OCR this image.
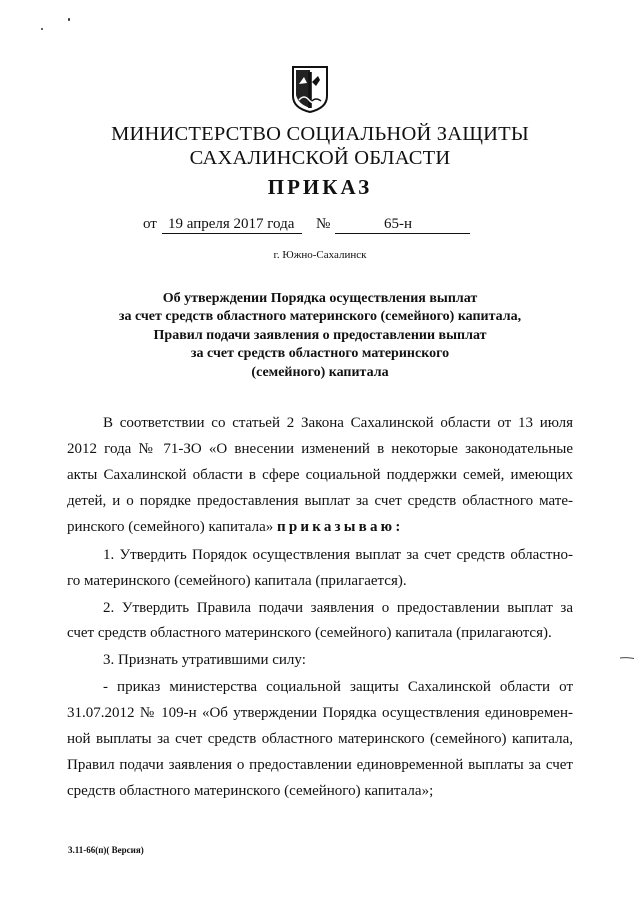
МИНИСТЕРСТВО СОЦИАЛЬНОЙ ЗАЩИТЫ
САХАЛИНСКОЙ ОБЛАСТИ
ПРИКАЗ
от 19 апреля 2017 года №	65-н
г. Южно-Сахалинск
Об утверждении Порядка осуществления выплат
за счет средств областного материнского (семейного) капитала,
Правил подачи заявления о предоставлении выплат
за счет средств областного материнского
(семейного) капитала
В соответствии со статьей 2 Закона Сахалинской области от 13 июля
2012 года № 71-ЗО «О внесении изменений в некоторые законодательные
акты Сахалинской области в сфере социальной поддержки семей, имеющих
детей, и о порядке предоставления выплат за счет средств областного мате-
ринского (семейного) капитала» приказываю:
1. Утвердить Порядок осуществления выплат за счет средств областно-
го материнского (семейного) капитала (прилагается).
2. Утвердить Правила подачи заявления о предоставлении выплат за
счет средств областного материнского (семейного) капитала (прилагаются).
3. Признать утратившими силу:
- приказ министерства социальной защиты Сахалинской области от
31.07.2012 № 109-н «Об утверждении Порядка осуществления единовремен-
ной выплаты за счет средств областного материнского (семейного) капитала,
Правил подачи заявления о предоставлении единовременной выплаты за счет
средств областного материнского (семейного) капитала»;
3.11-66(п)( Версия)
